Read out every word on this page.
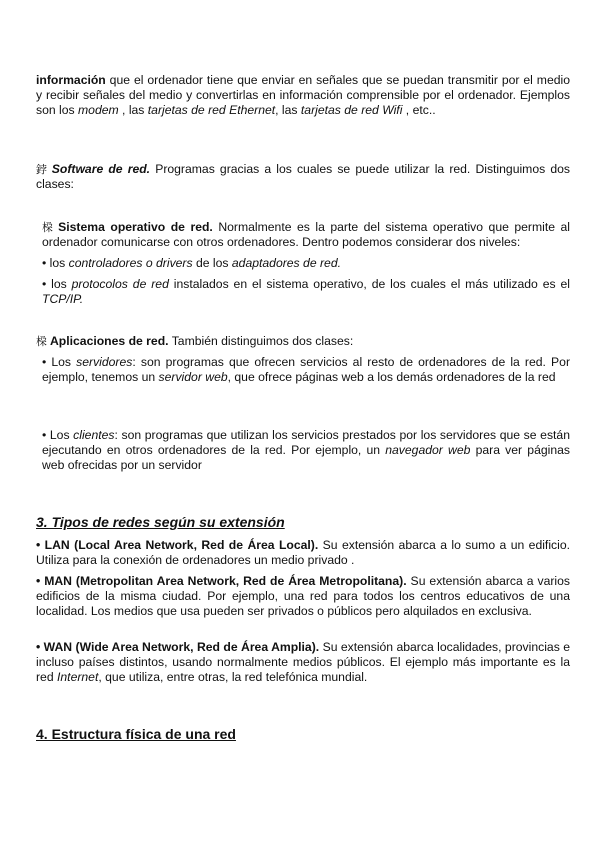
información que el ordenador tiene que enviar en señales que se puedan transmitir por el medio y recibir señales del medio y convertirlas en información comprensible por el ordenador. Ejemplos son los modem , las tarjetas de red Ethernet, las tarjetas de red Wifi , etc..

鋍 Software de red. Programas gracias a los cuales se puede utilizar la red. Distinguimos dos clases:

桗 Sistema operativo de red. Normalmente es la parte del sistema operativo que permite al ordenador comunicarse con otros ordenadores. Dentro podemos considerar dos niveles:

• los controladores o drivers de los adaptadores de red.

• los protocolos de red instalados en el sistema operativo, de los cuales el más utilizado es el TCP/IP.

桗 Aplicaciones de red. También distinguimos dos clases:

• Los servidores: son programas que ofrecen servicios al resto de ordenadores de la red. Por ejemplo, tenemos un servidor web, que ofrece páginas web a los demás ordenadores de la red

• Los clientes: son programas que utilizan los servicios prestados por los servidores que se están ejecutando en otros ordenadores de la red. Por ejemplo, un navegador web para ver páginas web ofrecidas por un servidor

3. Tipos de redes según su extensión

• LAN (Local Area Network, Red de Área Local). Su extensión abarca a lo sumo a un edificio. Utiliza para la conexión de ordenadores un medio privado .

• MAN (Metropolitan Area Network, Red de Área Metropolitana). Su extensión abarca a varios edificios de la misma ciudad. Por ejemplo, una red para todos los centros educativos de una localidad. Los medios que usa pueden ser privados o públicos pero alquilados en exclusiva.

• WAN (Wide Area Network, Red de Área Amplia). Su extensión abarca localidades, provincias e incluso países distintos, usando normalmente medios públicos. El ejemplo más importante es la red Internet, que utiliza, entre otras, la red telefónica mundial.

4. Estructura física de una red
